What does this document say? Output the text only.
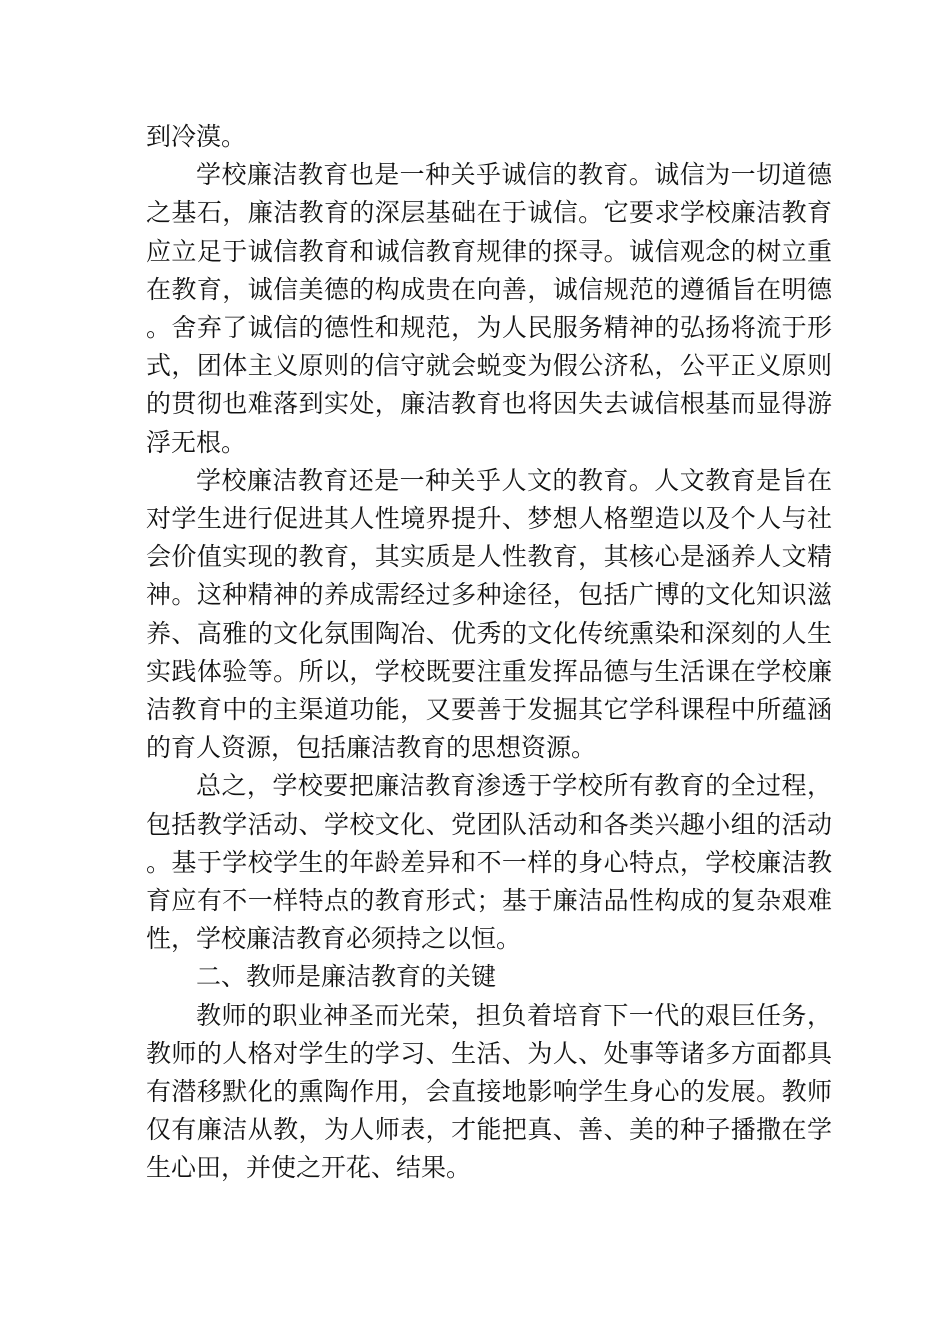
到冷漠。

学校廉洁教育也是一种关乎诚信的教育。诚信为一切道德之基石，廉洁教育的深层基础在于诚信。它要求学校廉洁教育应立足于诚信教育和诚信教育规律的探寻。诚信观念的树立重在教育，诚信美德的构成贵在向善，诚信规范的遵循旨在明德。舍弃了诚信的德性和规范，为人民服务精神的弘扬将流于形式，团体主义原则的信守就会蜕变为假公济私，公平正义原则的贯彻也难落到实处，廉洁教育也将因失去诚信根基而显得游浮无根。

学校廉洁教育还是一种关乎人文的教育。人文教育是旨在对学生进行促进其人性境界提升、梦想人格塑造以及个人与社会价值实现的教育，其实质是人性教育，其核心是涵养人文精神。这种精神的养成需经过多种途径，包括广博的文化知识滋养、高雅的文化氛围陶冶、优秀的文化传统熏染和深刻的人生实践体验等。所以，学校既要注重发挥品德与生活课在学校廉洁教育中的主渠道功能，又要善于发掘其它学科课程中所蕴涵的育人资源，包括廉洁教育的思想资源。

总之，学校要把廉洁教育渗透于学校所有教育的全过程，包括教学活动、学校文化、党团队活动和各类兴趣小组的活动。基于学校学生的年龄差异和不一样的身心特点，学校廉洁教育应有不一样特点的教育形式；基于廉洁品性构成的复杂艰难性，学校廉洁教育必须持之以恒。

二、教师是廉洁教育的关键

教师的职业神圣而光荣，担负着培育下一代的艰巨任务，教师的人格对学生的学习、生活、为人、处事等诸多方面都具有潜移默化的熏陶作用，会直接地影响学生身心的发展。教师仅有廉洁从教，为人师表，才能把真、善、美的种子播撒在学生心田，并使之开花、结果。
